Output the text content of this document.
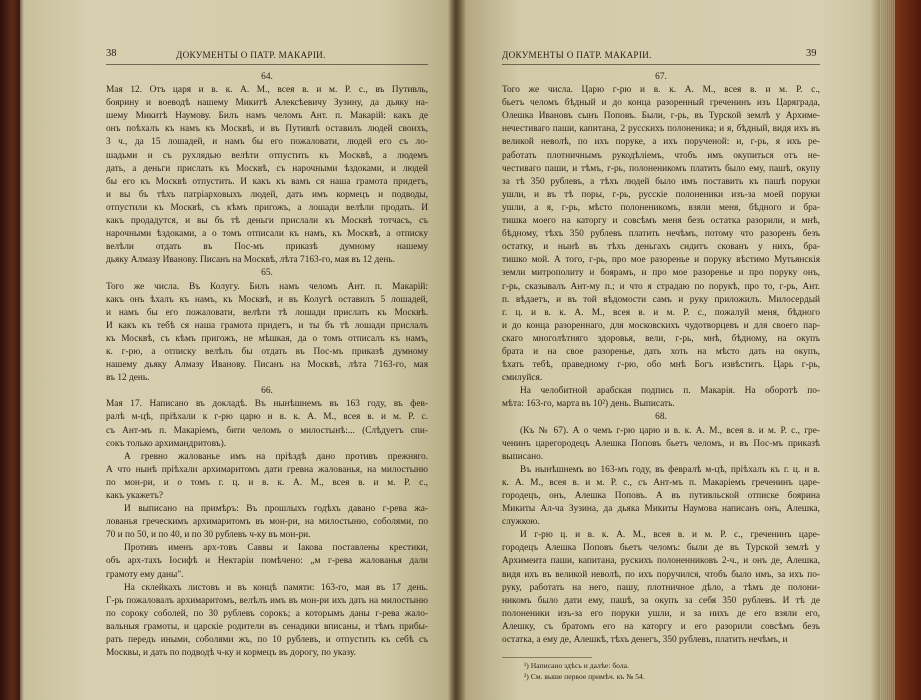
38	ДОКУМЕНТЫ О ПАТР. МАКАРІИ.
64.
Мая 12. Отъ царя и в. к. А. М., всея в. и м. Р. с., въ Путивль,
боярину и воеводѣ нашему Микитѣ Алексѣевичу Зузину, да дьяку на-
шему Микитѣ Наумову. Билъ намъ челомъ Ант. п. Макарій: какъ де
онъ поѣхалъ къ намъ къ Москвѣ, и въ Путивлѣ оставилъ людей своихъ,
3 ч., да 15 лошадей, и намъ бы его пожаловати, людей его съ ло-
шадьми и съ рухлядью велѣти отпустить къ Москвѣ, а людемъ
дать, а деньги прислать къ Москвѣ, съ нарочными ѣздоками, и людей
бы его къ Москвѣ отпустить. И какъ къ вамъ ся наша грамота придетъ,
и вы бъ тѣхъ патріарховыхъ людей, дать имъ кормецъ и подводы,
отпустили къ Москвѣ, съ кѣмъ пригожъ, а лошади велѣли продать. И
какъ продадутся, и вы бъ тѣ деньги прислали къ Москвѣ тотчасъ, съ
нарочными ѣздоками, а о томъ отписали къ намъ, къ Москвѣ, а отписку
велѣли отдать въ Пос-мъ приказѣ думному нашему
дьяку Алмазу Иванову. Писанъ на Москвѣ, лѣта 7163-го, мая въ 12 день.
65.
Того же числа. Въ Колугу. Билъ намъ челомъ Ант. п. Макарій:
какъ онъ ѣхалъ къ намъ, къ Москвѣ, и въ Колугѣ оставилъ 5 лошадей,
и намъ бы его пожаловати, велѣти тѣ лошади прислать къ Москвѣ.
И какъ къ тебѣ ся наша грамота придетъ, и ты бъ тѣ лошади прислалъ
къ Москвѣ, съ кѣмъ пригожъ, не мѣшкая, да о томъ отписалъ къ намъ,
к. г-рю, а отписку велѣлъ бы отдать въ Пос-мъ приказѣ думному
нашему дьяку Алмазу Иванову. Писанъ на Москвѣ, лѣта 7163-го, мая
въ 12 день.
66.
Мая 17. Написано въ докладѣ. Въ нынѣшнемъ въ 163 году, въ фев-
ралѣ м-цѣ, пріѣхали к г-рю царю и в. к. А. М., всея в. и м. Р. с.
съ Ант-мъ п. Макаріемъ, бити челомъ о милостынѣ:... (Слѣдуетъ спи-
сокъ только архимандритовъ).
А гревно жалованье имъ на пріѣздѣ дано противъ прежняго.
А что нынѣ пріѣхали архимаритомъ дати гревна жалованья, на милостыню
по мон-ри, и о томъ г. ц. и в. к. А. М., всея в. и м. Р. с.,
какъ укажетъ?
И выписано на примѣръ: Въ прошлыхъ годѣхъ давано г-рева жа-
лованья греческимъ архимаритомъ въ мон-ри, на милостыню, соболями, по
70 и по 50, и по 40, и по 30 рублевъ ч-ку въ мон-ри.
Противъ именъ арх-товъ Саввы и Іакова поставлены крестики,
объ арх-тахъ Іосифѣ и Нектаріи помѣчено: „м г-рева жалованья дали
грамоту ему даны".
На склейкахъ листовъ и въ концѣ памяти: 163-го, мая въ 17 день.
Г-рь пожаловалъ архимаритомъ, велѣлъ имъ въ мон-ри ихъ дать на милостыню
по сороку соболей, по 30 рублевъ сорокъ; а которымъ даны г-рева жало-
вальныя грамоты, и царскіе родители въ сенадики вписаны, и тѣмъ прибы-
рать передъ иными, соболями жъ, по 10 рублевъ, и отпустить къ себѣ съ
Москвы, и дать по подводѣ ч-ку и кормецъ въ дорогу, по указу.
ДОКУМЕНТЫ О ПАТР. МАКАРІИ.	39
67.
Того же числа. Царю г-рю и в. к. А. М., всея в. и м. Р. с.,
бьетъ челомъ бѣдный и до конца разоренный греченинъ изъ Царяграда,
Олешка Ивановъ сынъ Поповъ. Были, г-рь, въ Турской землѣ у Архиме-
нечестиваго паши, капитана, 2 русскихъ полоненика; и я, бѣдный, видя ихъ въ
великой неволѣ, по ихъ поруке, а ихъ порученой: и, г-рь, я ихъ ре-
работать плотничнымъ рукодѣліемъ, чтобъ имъ окупиться отъ не-
честиваго паши, и тѣмъ, г-рь, полоненикомъ платить было ему, пашѣ, окупу
за тѣ 350 рублевъ, а тѣхъ людей было имъ поставить къ пашѣ поруки
ушли, и въ тѣ поры, г-рь, русскіе полоненики изъ-за моей поруки
ушли, а я, г-рь, мѣсто полоненикомъ, взяли меня, бѣдного и бра-
тишка моего на каторгу и совсѣмъ меня безъ остатка разорили, и мнѣ,
бѣдному, тѣхъ 350 рублевъ платить нечѣмъ, потому что разоренъ безъ
остатку, и нынѣ въ тѣхъ деньгахъ сидитъ скованъ у нихъ, бра-
тишко мой. А того, г-рь, про мое разоренье и поруку вѣстимо Мутьянскія
земли митрополиту и боярамъ, и про мое разоренье и про поруку онъ,
г-рь, сказывалъ Ант-му п.; и что я страдаю по порукѣ, про то, г-рь, Ант.
п. вѣдаетъ, и въ той вѣдомости самъ и руку приложилъ. Милосердый
г. ц. и в. к. А. М., всея в. и м. Р. с., пожалуй меня, бѣдного
и до конца разореннаго, для московскихъ чудотворцевъ и для своего пар-
скаго многолѣтняго здоровья, вели, г-рь, мнѣ, бѣдному, на окупъ
брата и на свое разоренье, дать хоть на мѣсто дать на окупъ,
ѣхать тебѣ, праведному г-рю, обо мнѣ Богъ извѣститъ. Царь г-рь,
смилуйся.
На челобитной арабская подпись п. Макарія. На оборотѣ по-
мѣта: 163-го, марта въ 10²) день. Выписать.
68.
(Къ № 67). А о чемъ г-рю царю и в. к. А. М., всея в. и м. Р. с., гре-
ченинъ царегородецъ Алешка Поповъ бьетъ челомъ, и въ Пос-мъ приказѣ
выписано.
Въ нынѣшнемъ во 163-мъ году, въ февралѣ м-цѣ, пріѣхалъ къ г. ц. и в.
к. А. М., всея в. и м. Р. с., съ Ант-мъ п. Макаріемъ греченинъ царе-
городецъ, онъ, Алешка Поповъ. А въ путивльской отписке боярина
Микиты Ал-ча Зузина, да дьяка Микиты Наумова написанъ онъ, Алешка,
служкою.
И г-рю ц. и в. к. А. М., всея в. и м. Р. с., греченинъ царе-
городецъ Алешка Поповъ бьетъ челомъ: были де въ Турской землѣ у
Архимеита паши, капитана, рускихъ полоненниковъ 2-ч., и онъ де, Алешка,
видя ихъ въ великой неволѣ, по ихъ поручился, чтобъ было имъ, за ихъ по-
руку, работать на него, пашу, плотничное дѣло, а тѣмъ де полони-
никомъ было дати ему, пашѣ, за окупъ за себя 350 рублевъ. И тѣ де
полоненики изъ-за его поруки ушли, и за нихъ де его взяли его,
Алешку, съ братомъ его на каторгу и его разорили совсѣмъ безъ
остатка, а ему де, Алешкѣ, тѣхъ денегъ, 350 рублевъ, платить нечѣмъ, и
¹) Написано здѣсь и далѣе: бола.
²) См. выше первое примѣч. къ № 54.
